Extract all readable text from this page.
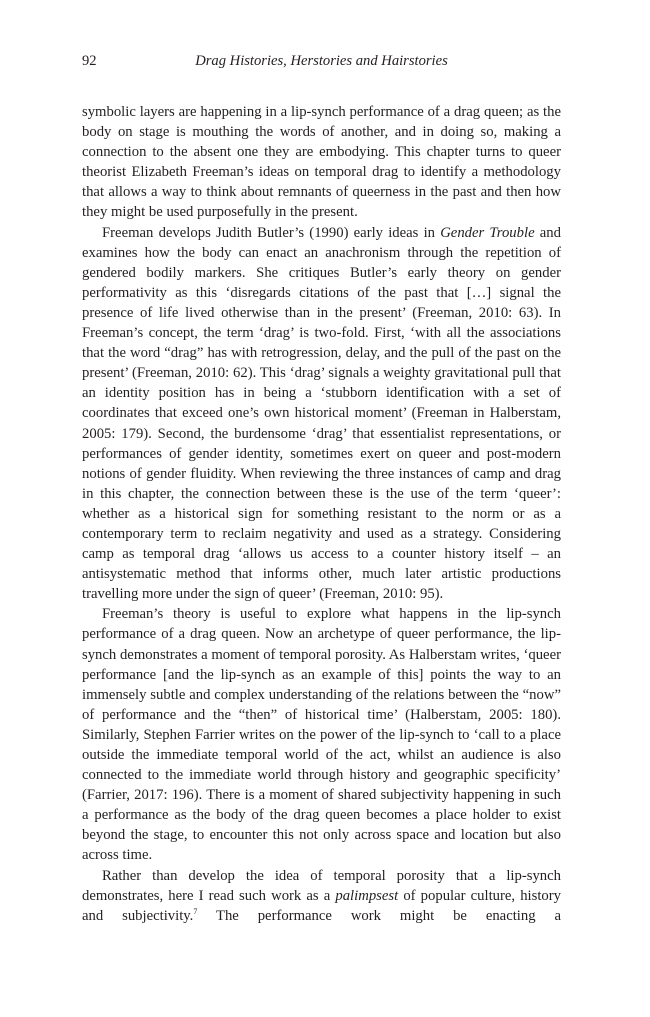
92	Drag Histories, Herstories and Hairstories

symbolic layers are happening in a lip-synch performance of a drag queen; as the body on stage is mouthing the words of another, and in doing so, making a connection to the absent one they are embodying. This chapter turns to queer theorist Elizabeth Freeman’s ideas on temporal drag to identify a methodology that allows a way to think about remnants of queerness in the past and then how they might be used purposefully in the present.

Freeman develops Judith Butler’s (1990) early ideas in Gender Trouble and examines how the body can enact an anachronism through the repetition of gendered bodily markers. She critiques Butler’s early theory on gender performativity as this ‘disregards citations of the past that […] signal the presence of life lived otherwise than in the present’ (Freeman, 2010: 63). In Freeman’s concept, the term ‘drag’ is two-fold. First, ‘with all the associations that the word “drag” has with retrogression, delay, and the pull of the past on the present’ (Freeman, 2010: 62). This ‘drag’ signals a weighty gravitational pull that an identity position has in being a ‘stubborn identification with a set of coordinates that exceed one’s own historical moment’ (Freeman in Halberstam, 2005: 179). Second, the burdensome ‘drag’ that essentialist representations, or performances of gender identity, sometimes exert on queer and post-modern notions of gender fluidity. When reviewing the three instances of camp and drag in this chapter, the connection between these is the use of the term ‘queer’: whether as a historical sign for something resistant to the norm or as a contemporary term to reclaim negativity and used as a strategy. Considering camp as temporal drag ‘allows us access to a counter history itself – an antisystematic method that informs other, much later artistic productions travelling more under the sign of queer’ (Freeman, 2010: 95).

Freeman’s theory is useful to explore what happens in the lip-synch performance of a drag queen. Now an archetype of queer performance, the lip-synch demonstrates a moment of temporal porosity. As Halberstam writes, ‘queer performance [and the lip-synch as an example of this] points the way to an immensely subtle and complex understanding of the relations between the “now” of performance and the “then” of historical time’ (Halberstam, 2005: 180). Similarly, Stephen Farrier writes on the power of the lip-synch to ‘call to a place outside the immediate temporal world of the act, whilst an audience is also connected to the immediate world through history and geographic specificity’ (Farrier, 2017: 196). There is a moment of shared subjectivity happening in such a performance as the body of the drag queen becomes a place holder to exist beyond the stage, to encounter this not only across space and location but also across time.

Rather than develop the idea of temporal porosity that a lip-synch demonstrates, here I read such work as a palimpsest of popular culture, history and subjectivity.$^7$ The performance work might be enacting a
